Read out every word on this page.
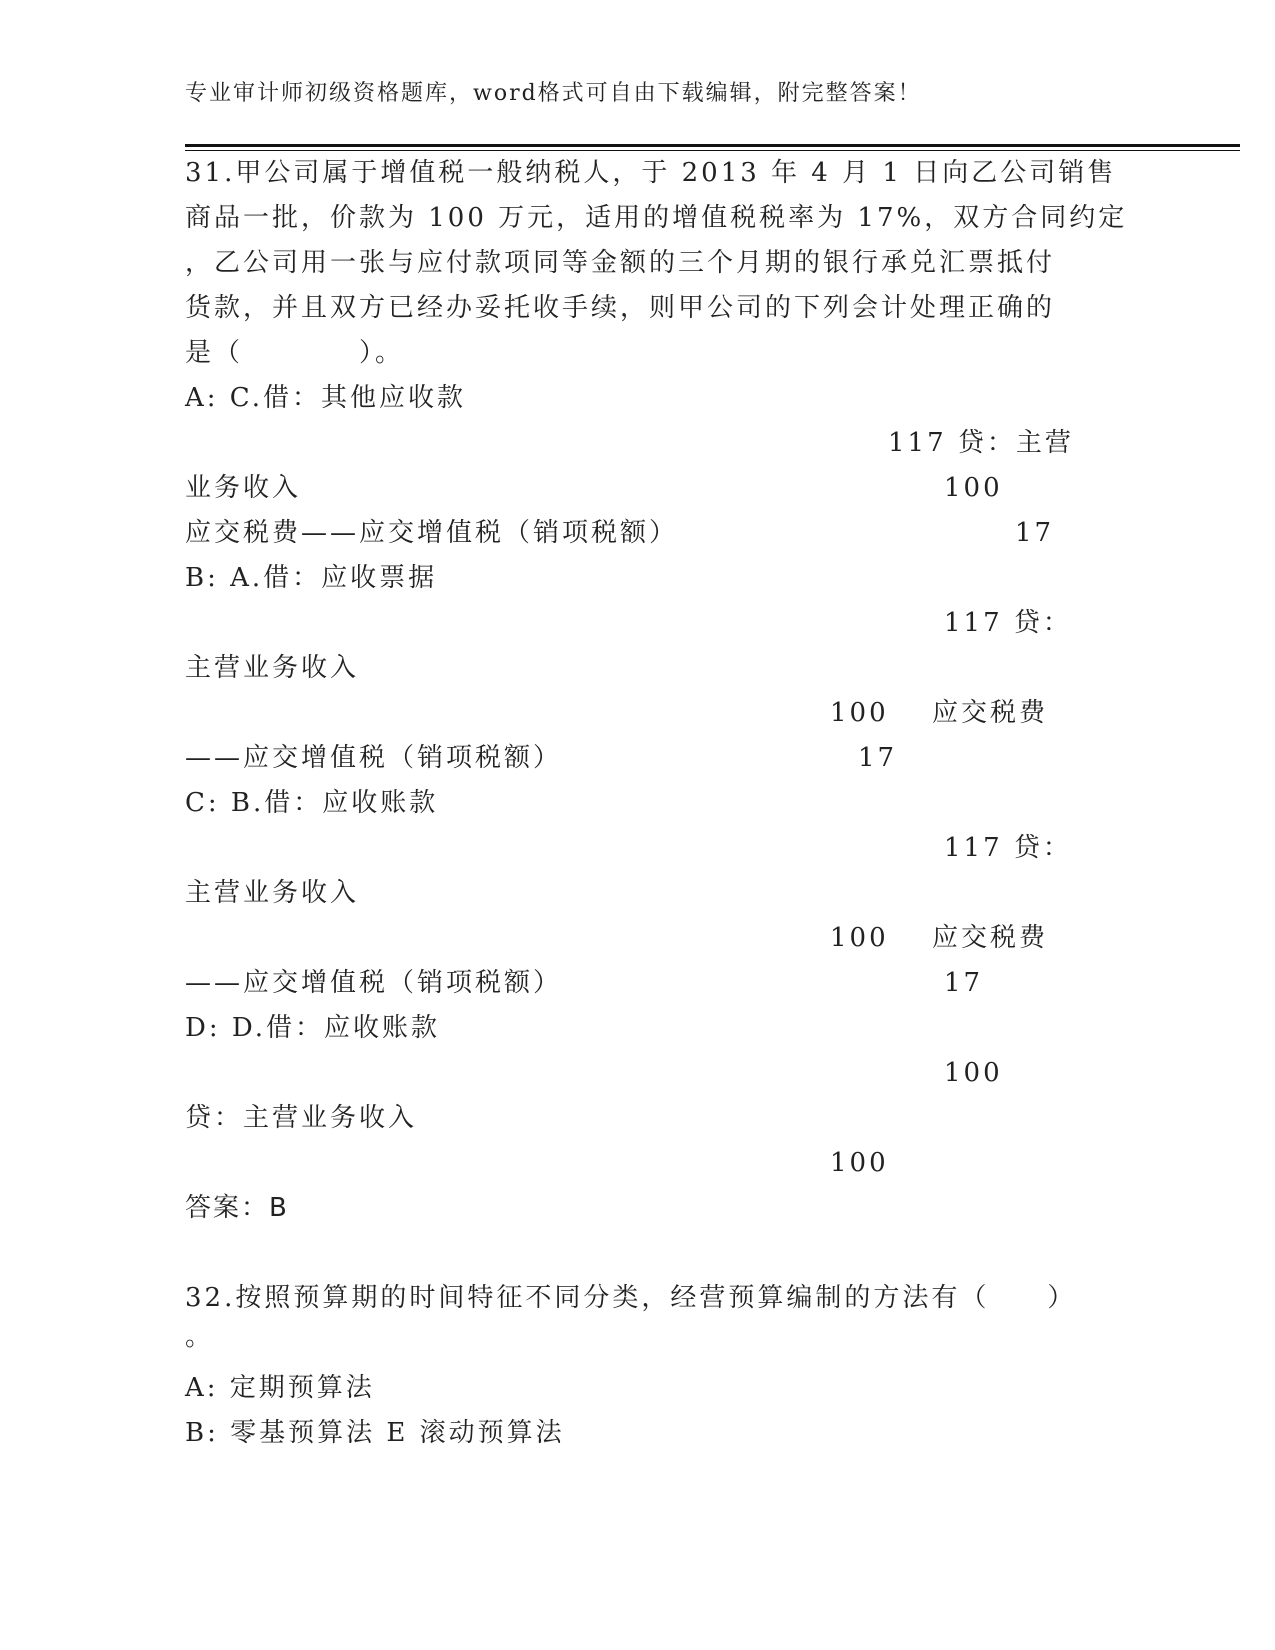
专业审计师初级资格题库，word格式可自由下载编辑，附完整答案！
31.甲公司属于增值税一般纳税人，于 2013 年 4 月 1 日向乙公司销售
商品一批，价款为 100 万元，适用的增值税税率为 17%，双方合同约定
，乙公司用一张与应付款项同等金额的三个月期的银行承兑汇票抵付
货款，并且双方已经办妥托收手续，则甲公司的下列会计处理正确的
是（　　　　）。
A: C.借：其他应收款
117 贷：主营
业务收入	100
应交税费——应交增值税（销项税额）	17
B: A.借：应收票据
117 贷：
主营业务收入
100 应交税费
——应交增值税（销项税额）	17
C: B.借：应收账款
117 贷：
主营业务收入
100 应交税费
——应交增值税（销项税额）	17
D: D.借：应收账款
100
贷：主营业务收入
100
答案：B
32.按照预算期的时间特征不同分类，经营预算编制的方法有（　　）
。
A: 定期预算法
B: 零基预算法 E 滚动预算法
